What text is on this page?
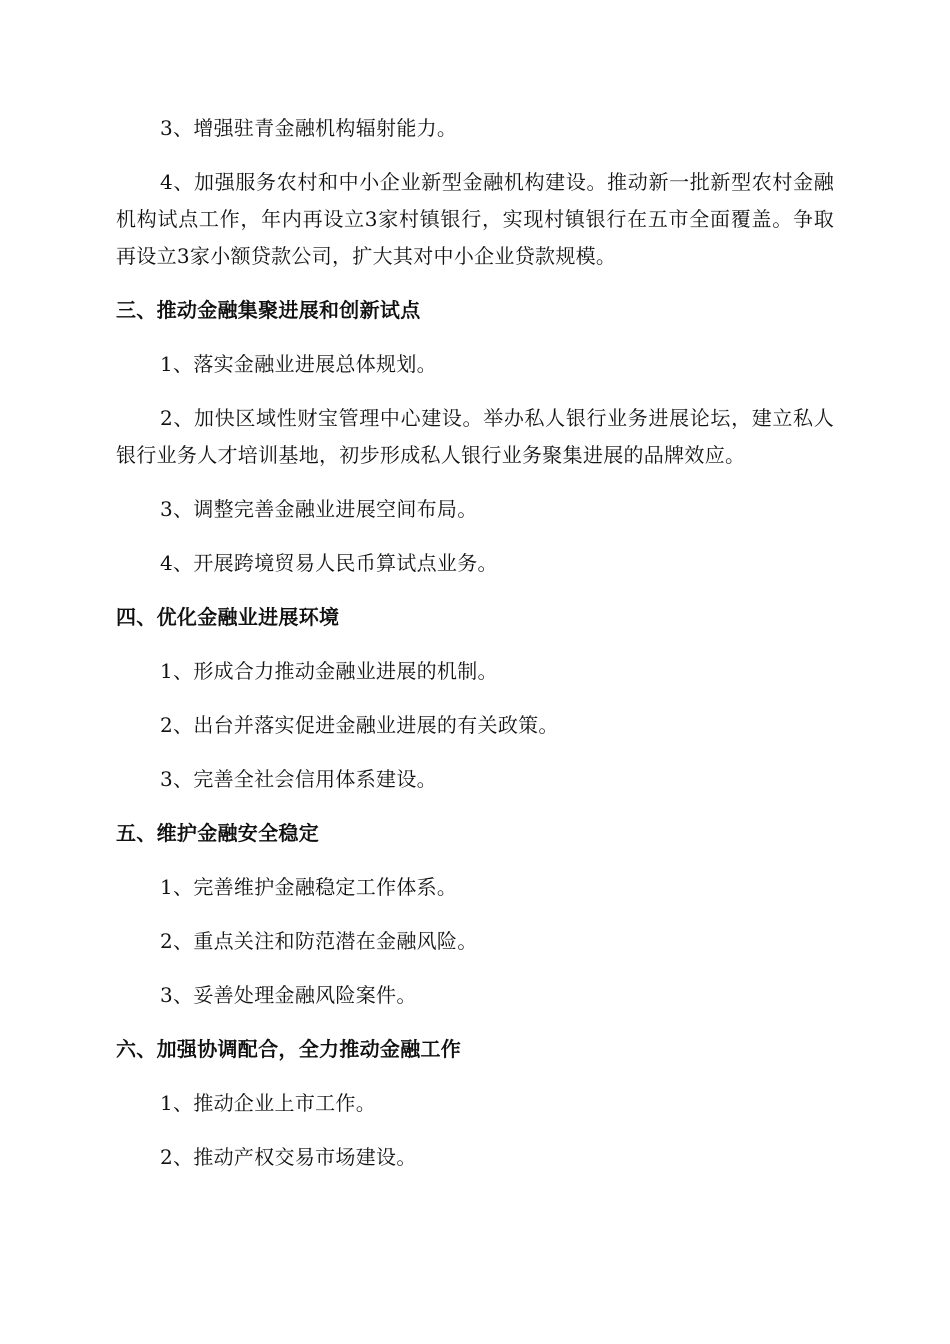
3、增强驻青金融机构辐射能力。

4、加强服务农村和中小企业新型金融机构建设。推动新一批新型农村金融机构试点工作，年内再设立3家村镇银行，实现村镇银行在五市全面覆盖。争取再设立3家小额贷款公司，扩大其对中小企业贷款规模。

三、推动金融集聚进展和创新试点

1、落实金融业进展总体规划。

2、加快区域性财宝管理中心建设。举办私人银行业务进展论坛，建立私人银行业务人才培训基地，初步形成私人银行业务聚集进展的品牌效应。

3、调整完善金融业进展空间布局。

4、开展跨境贸易人民币算试点业务。

四、优化金融业进展环境

1、形成合力推动金融业进展的机制。

2、出台并落实促进金融业进展的有关政策。

3、完善全社会信用体系建设。

五、维护金融安全稳定

1、完善维护金融稳定工作体系。

2、重点关注和防范潜在金融风险。

3、妥善处理金融风险案件。

六、加强协调配合，全力推动金融工作

1、推动企业上市工作。

2、推动产权交易市场建设。
